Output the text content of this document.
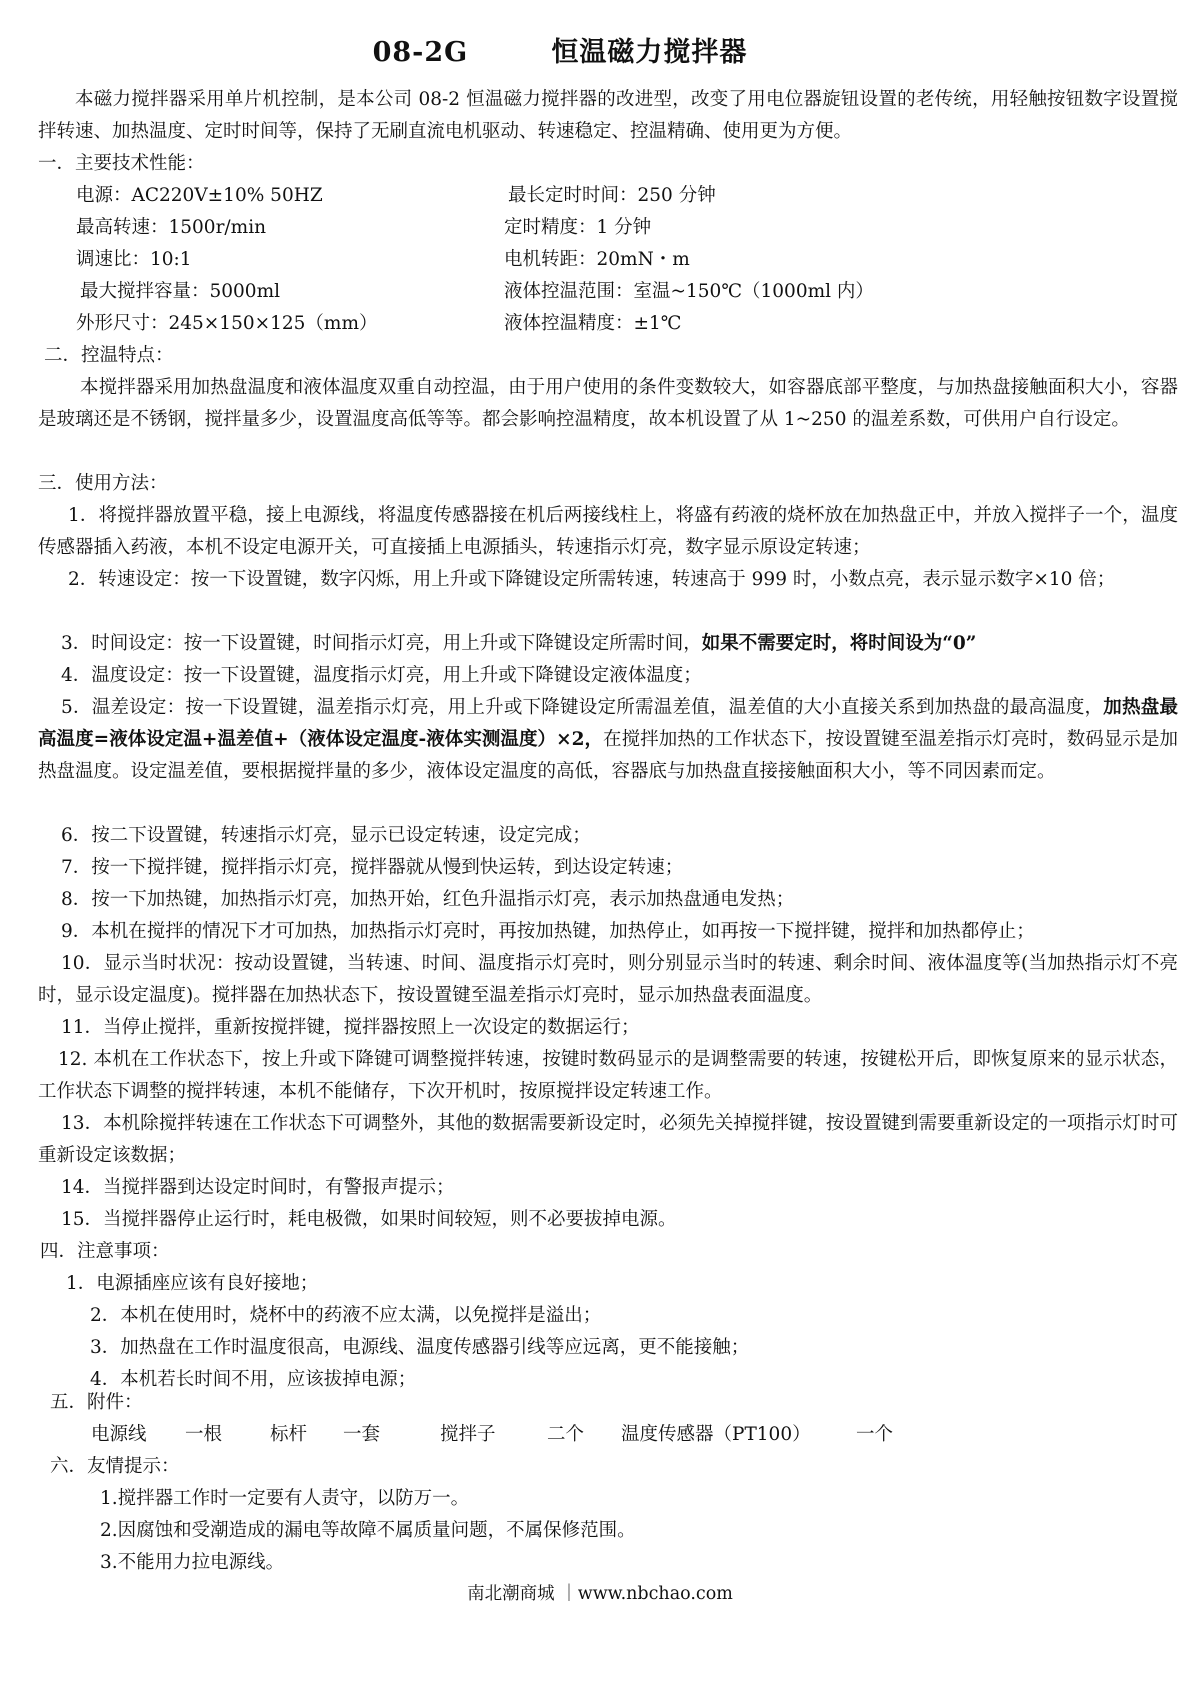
08-2G        恒温磁力搅拌器
本磁力搅拌器采用单片机控制，是本公司 08-2 恒温磁力搅拌器的改进型，改变了用电位器旋钮设置的老传统，用轻触按钮数字设置搅拌转速、加热温度、定时时间等，保持了无刷直流电机驱动、转速稳定、控温精确、使用更为方便。
一．主要技术性能：
电源：AC220V±10% 50HZ	最长定时时间：250 分钟
最高转速：1500r/min	定时精度：1 分钟
调速比：10:1	电机转距：20mN・m
最大搅拌容量：5000ml	液体控温范围：室温~150℃（1000ml 内）
外形尺寸：245×150×125（mm）	液体控温精度：±1℃
二．控温特点：
本搅拌器采用加热盘温度和液体温度双重自动控温，由于用户使用的条件变数较大，如容器底部平整度，与加热盘接触面积大小，容器是玻璃还是不锈钢，搅拌量多少，设置温度高低等等。都会影响控温精度，故本机设置了从 1~250 的温差系数，可供用户自行设定。
三．使用方法：
1．将搅拌器放置平稳，接上电源线，将温度传感器接在机后两接线柱上，将盛有药液的烧杯放在加热盘正中，并放入搅拌子一个，温度传感器插入药液，本机不设定电源开关，可直接插上电源插头，转速指示灯亮，数字显示原设定转速；
2．转速设定：按一下设置键，数字闪烁，用上升或下降键设定所需转速，转速高于 999 时，小数点亮，表示显示数字×10 倍；
3．时间设定：按一下设置键，时间指示灯亮，用上升或下降键设定所需时间，如果不需要定时，将时间设为“0”
4．温度设定：按一下设置键，温度指示灯亮，用上升或下降键设定液体温度；
5．温差设定：按一下设置键，温差指示灯亮，用上升或下降键设定所需温差值，温差值的大小直接关系到加热盘的最高温度，加热盘最高温度=液体设定温+温差值+（液体设定温度-液体实测温度）×2，在搅拌加热的工作状态下，按设置键至温差指示灯亮时，数码显示是加热盘温度。设定温差值，要根据搅拌量的多少，液体设定温度的高低，容器底与加热盘直接接触面积大小，等不同因素而定。
6．按二下设置键，转速指示灯亮，显示已设定转速，设定完成；
7．按一下搅拌键，搅拌指示灯亮，搅拌器就从慢到快运转，到达设定转速；
8．按一下加热键，加热指示灯亮，加热开始，红色升温指示灯亮，表示加热盘通电发热；
9．本机在搅拌的情况下才可加热，加热指示灯亮时，再按加热键，加热停止，如再按一下搅拌键，搅拌和加热都停止；
10．显示当时状况：按动设置键，当转速、时间、温度指示灯亮时，则分别显示当时的转速、剩余时间、液体温度等(当加热指示灯不亮时，显示设定温度)。搅拌器在加热状态下，按设置键至温差指示灯亮时，显示加热盘表面温度。
11．当停止搅拌，重新按搅拌键，搅拌器按照上一次设定的数据运行；
12. 本机在工作状态下，按上升或下降键可调整搅拌转速，按键时数码显示的是调整需要的转速，按键松开后，即恢复原来的显示状态，工作状态下调整的搅拌转速，本机不能储存，下次开机时，按原搅拌设定转速工作。
13．本机除搅拌转速在工作状态下可调整外，其他的数据需要新设定时，必须先关掉搅拌键，按设置键到需要重新设定的一项指示灯时可重新设定该数据；
14．当搅拌器到达设定时间时，有警报声提示；
15．当搅拌器停止运行时，耗电极微，如果时间较短，则不必要拔掉电源。
四．注意事项：
1．电源插座应该有良好接地；
2．本机在使用时，烧杯中的药液不应太满，以免搅拌是溢出；
3．加热盘在工作时温度很高，电源线、温度传感器引线等应远离，更不能接触；
4．本机若长时间不用，应该拔掉电源；
五．附件：
电源线 一根	标杆 一套	搅拌子	二个 温度传感器（PT100） 一个
六．友情提示：
1.搅拌器工作时一定要有人责守，以防万一。
2.因腐蚀和受潮造成的漏电等故障不属质量问题，不属保修范围。
3.不能用力拉电源线。
南北潮商城 ｜www.nbchao.com
